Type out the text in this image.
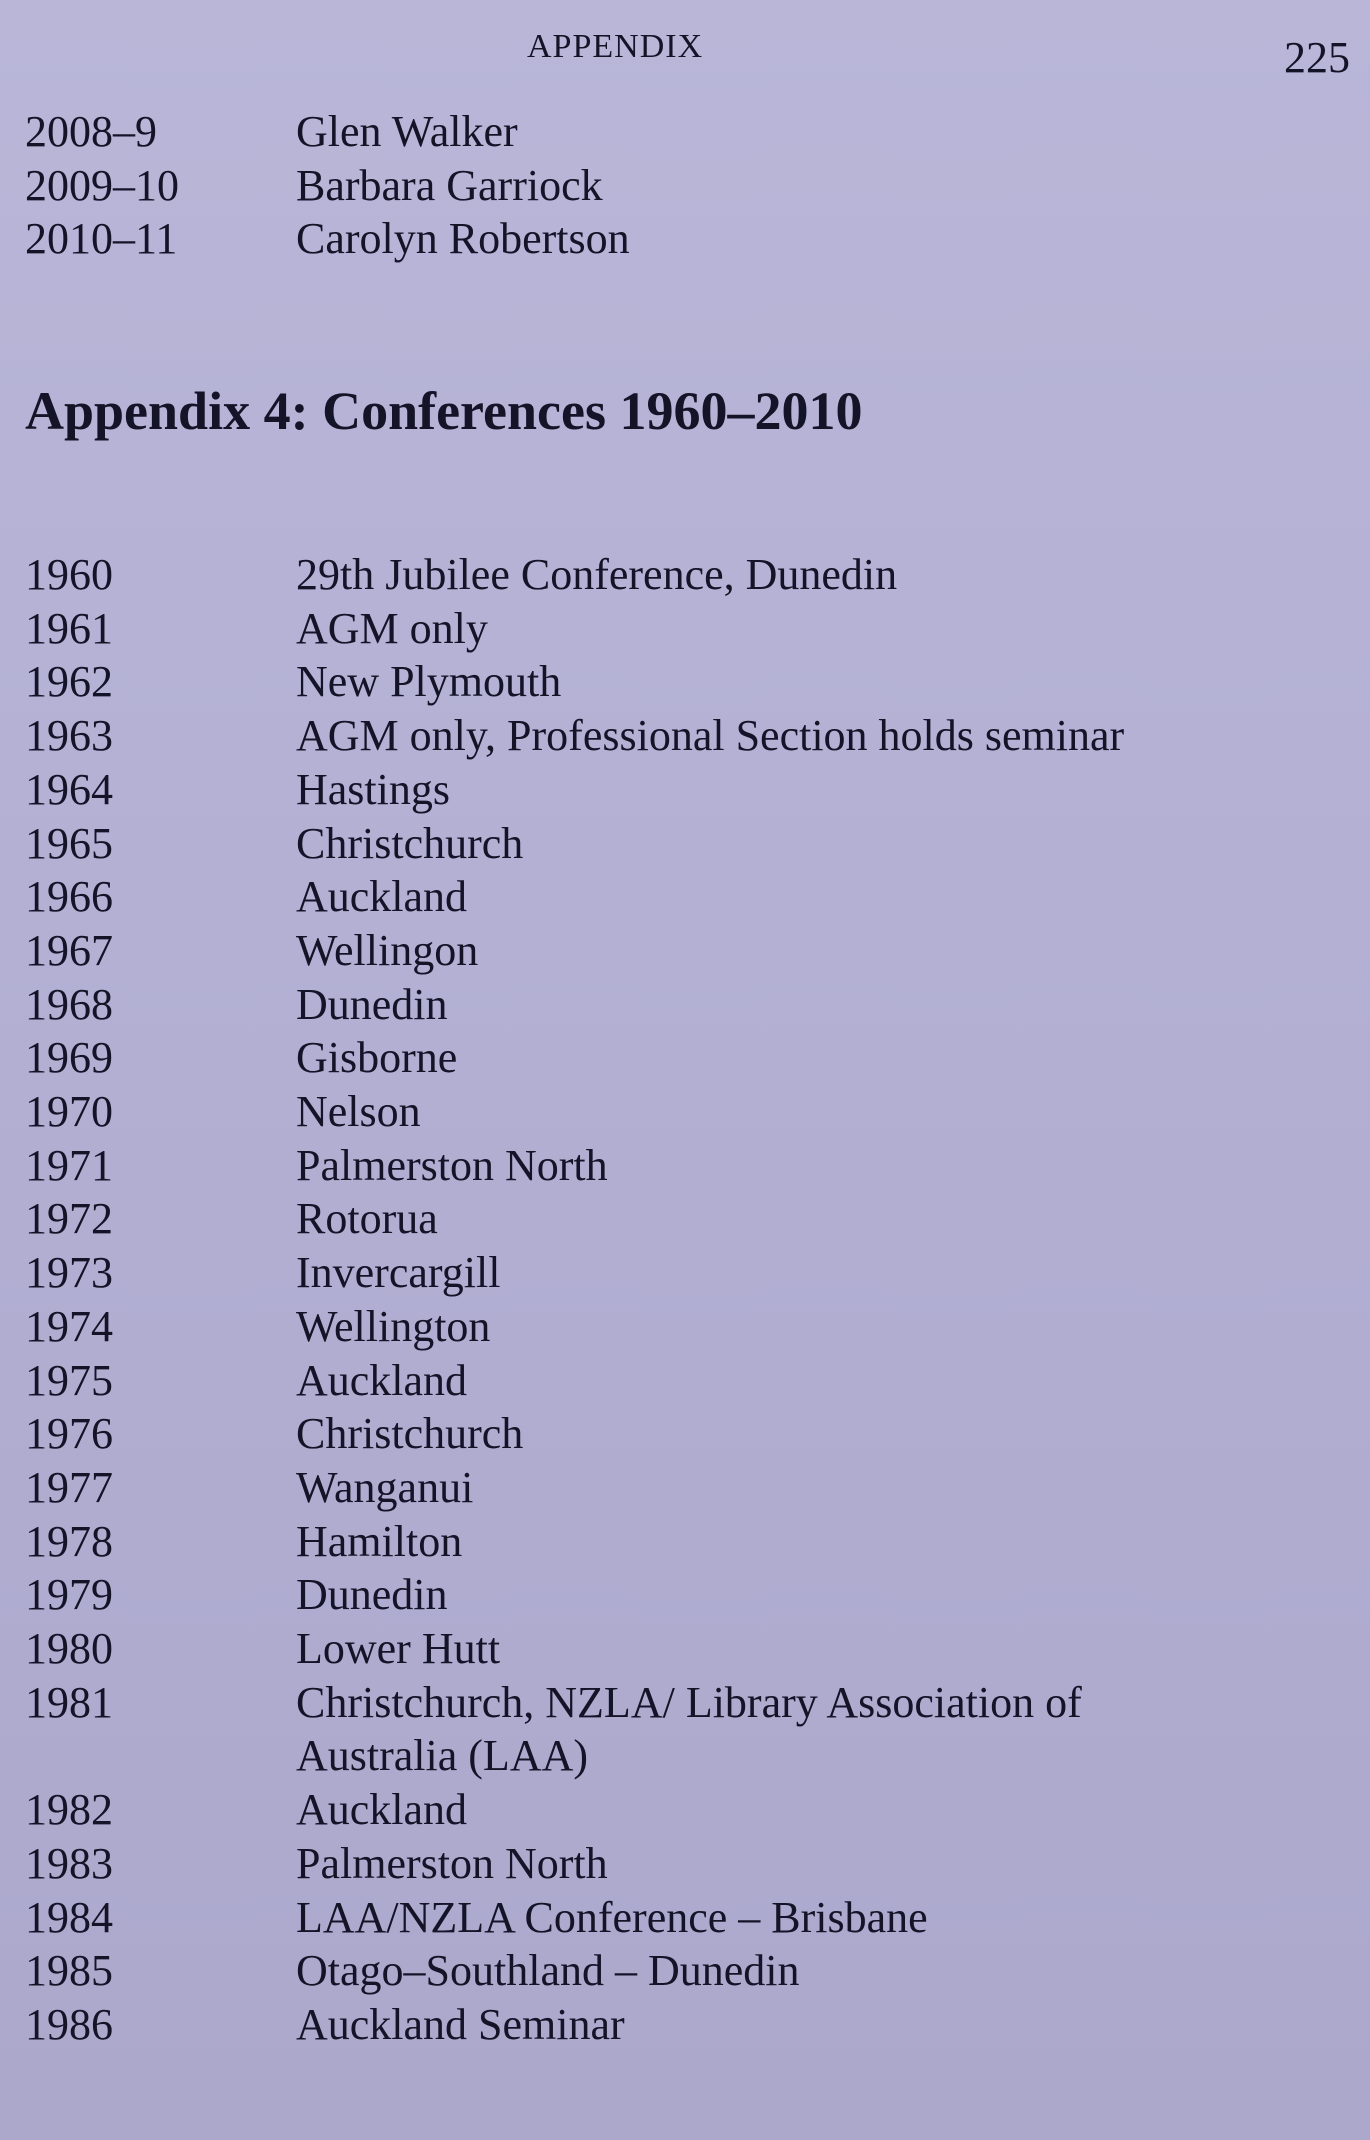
APPENDIX	225
2008–9	Glen Walker
2009–10	Barbara Garriock
2010–11	Carolyn Robertson
Appendix 4: Conferences 1960–2010
1960	29th Jubilee Conference, Dunedin
1961	AGM only
1962	New Plymouth
1963	AGM only, Professional Section holds seminar
1964	Hastings
1965	Christchurch
1966	Auckland
1967	Wellingon
1968	Dunedin
1969	Gisborne
1970	Nelson
1971	Palmerston North
1972	Rotorua
1973	Invercargill
1974	Wellington
1975	Auckland
1976	Christchurch
1977	Wanganui
1978	Hamilton
1979	Dunedin
1980	Lower Hutt
1981	Christchurch, NZLA/ Library Association of
Australia (LAA)
1982	Auckland
1983	Palmerston North
1984	LAA/NZLA Conference – Brisbane
1985	Otago–Southland – Dunedin
1986	Auckland Seminar
